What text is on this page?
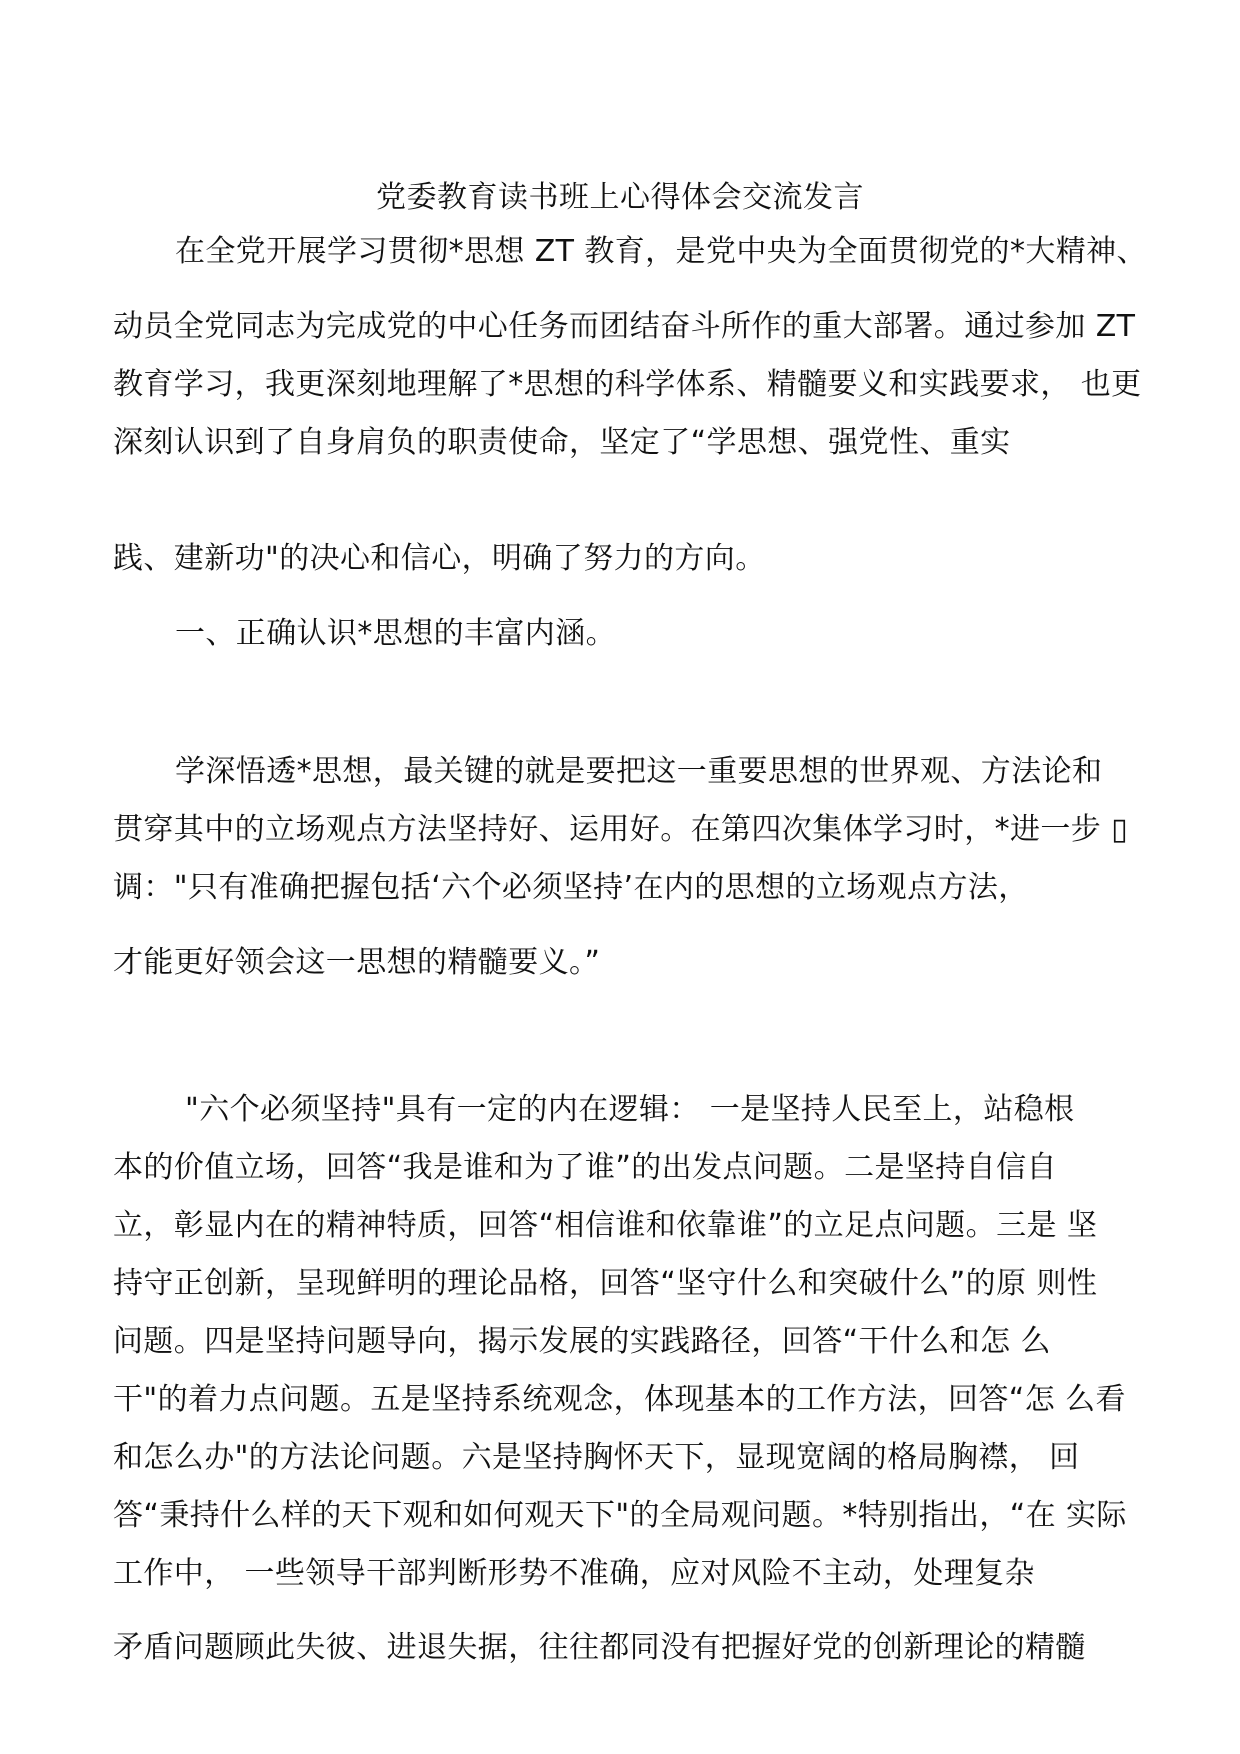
党委教育读书班上心得体会交流发言

在全党开展学习贯彻*思想 ZT 教育，是党中央为全面贯彻党的*大精神、

动员全党同志为完成党的中心任务而团结奋斗所作的重大部署。通过参加 ZT

教育学习，我更深刻地理解了*思想的科学体系、精髓要义和实践要求， 也更

深刻认识到了自身肩负的职责使命，坚定了“学思想、强党性、重实

践、建新功"的决心和信心，明确了努力的方向。

一、正确认识*思想的丰富内涵。

学深悟透*思想，最关键的就是要把这一重要思想的世界观、方法论和

贯穿其中的立场观点方法坚持好、运用好。在第四次集体学习时，*进一步 ▯

调："只有准确把握包括‘六个必须坚持’在内的思想的立场观点方法，

才能更好领会这一思想的精髓要义。”

"六个必须坚持"具有一定的内在逻辑： 一是坚持人民至上，站稳根

本的价值立场，回答“我是谁和为了谁”的出发点问题。二是坚持自信自

立，彰显内在的精神特质，回答“相信谁和依靠谁”的立足点问题。三是 坚

持守正创新，呈现鲜明的理论品格，回答“坚守什么和突破什么”的原 则性

问题。四是坚持问题导向，揭示发展的实践路径，回答“干什么和怎 么

干"的着力点问题。五是坚持系统观念，体现基本的工作方法，回答“怎 么看

和怎么办"的方法论问题。六是坚持胸怀天下，显现宽阔的格局胸襟， 回

答“秉持什么样的天下观和如何观天下"的全局观问题。*特别指出，“在 实际

工作中， 一些领导干部判断形势不准确，应对风险不主动，处理复杂

矛盾问题顾此失彼、进退失据，往往都同没有把握好党的创新理论的精髓
